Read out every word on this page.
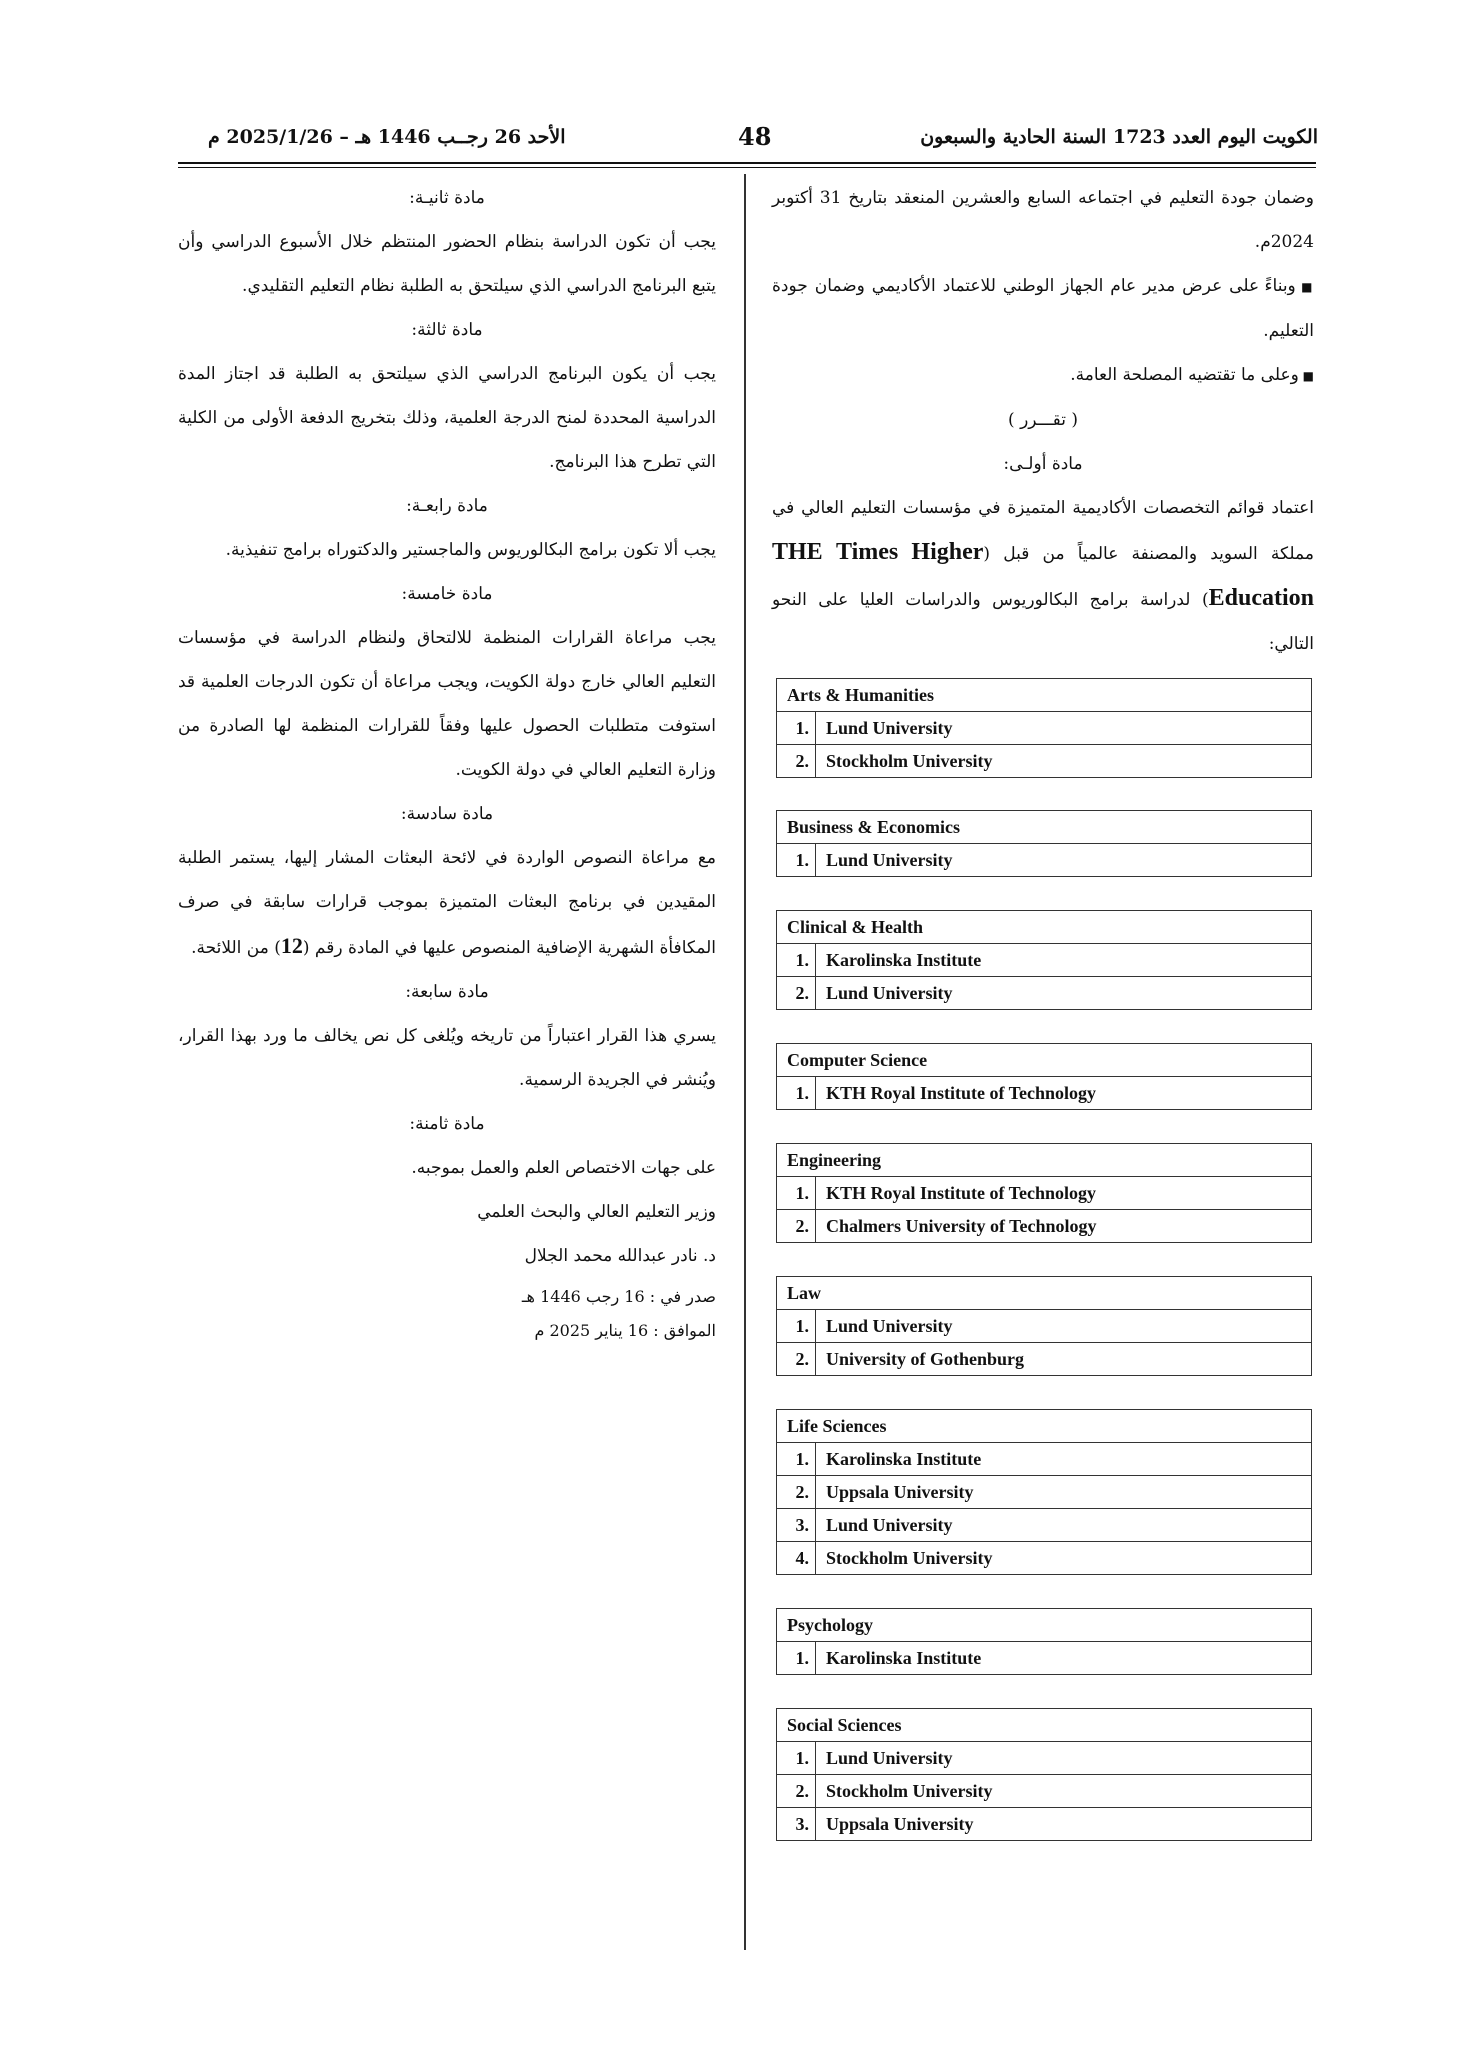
الكويت اليوم العدد 1723 السنة الحادية والسبعون
48
الأحد 26 رجــب 1446 هـ – 2025/1/26 م

وضمان جودة التعليم في اجتماعه السابع والعشرين المنعقد بتاريخ 31 أكتوبر 2024م.

■ وبناءً على عرض مدير عام الجهاز الوطني للاعتماد الأكاديمي وضمان جودة التعليم.

■ وعلى ما تقتضيه المصلحة العامة.

( تقـــرر )

مادة أولـى:

اعتماد قوائم التخصصات الأكاديمية المتميزة في مؤسسات التعليم العالي في مملكة السويد والمصنفة عالمياً من قبل (THE Times Higher Education) لدراسة برامج البكالوريوس والدراسات العليا على النحو التالي:

Arts & Humanities
1. Lund University
2. Stockholm University
Business & Economics
1. Lund University
Clinical & Health
1. Karolinska Institute
2. Lund University
Computer Science
1. KTH Royal Institute of Technology
Engineering
1. KTH Royal Institute of Technology
2. Chalmers University of Technology
Law
1. Lund University
2. University of Gothenburg
Life Sciences
1. Karolinska Institute
2. Uppsala University
3. Lund University
4. Stockholm University
Psychology
1. Karolinska Institute
Social Sciences
1. Lund University
2. Stockholm University
3. Uppsala University

مادة ثانيـة:

يجب أن تكون الدراسة بنظام الحضور المنتظم خلال الأسبوع الدراسي وأن يتبع البرنامج الدراسي الذي سيلتحق به الطلبة نظام التعليم التقليدي.

مادة ثالثة:

يجب أن يكون البرنامج الدراسي الذي سيلتحق به الطلبة قد اجتاز المدة الدراسية المحددة لمنح الدرجة العلمية، وذلك بتخريج الدفعة الأولى من الكلية التي تطرح هذا البرنامج.

مادة رابعـة:

يجب ألا تكون برامج البكالوريوس والماجستير والدكتوراه برامج تنفيذية.

مادة خامسة:

يجب مراعاة القرارات المنظمة للالتحاق ولنظام الدراسة في مؤسسات التعليم العالي خارج دولة الكويت، ويجب مراعاة أن تكون الدرجات العلمية قد استوفت متطلبات الحصول عليها وفقاً للقرارات المنظمة لها الصادرة من وزارة التعليم العالي في دولة الكويت.

مادة سادسة:

مع مراعاة النصوص الواردة في لائحة البعثات المشار إليها، يستمر الطلبة المقيدين في برنامج البعثات المتميزة بموجب قرارات سابقة في صرف المكافأة الشهرية الإضافية المنصوص عليها في المادة رقم (12) من اللائحة.

مادة سابعة:

يسري هذا القرار اعتباراً من تاريخه ويُلغى كل نص يخالف ما ورد بهذا القرار، ويُنشر في الجريدة الرسمية.

مادة ثامنة:

على جهات الاختصاص العلم والعمل بموجبه.

وزير التعليم العالي والبحث العلمي

د. نادر عبدالله محمد الجلال

صدر في : 16 رجب 1446 هـ

الموافق : 16 يناير 2025 م
